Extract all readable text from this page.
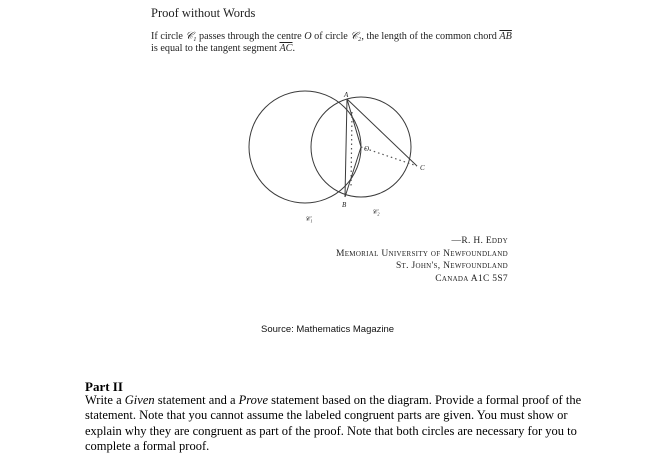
Proof without Words
If circle 𝒞₁ passes through the centre O of circle 𝒞₂, the length of the common chord $\overline{AB}$ is equal to the tangent segment $\overline{AC}$.
A
B
C
O
𝒞₁
𝒞₂
—R. H. Eddy
Memorial University of Newfoundland
St. John's, Newfoundland
Canada A1C 5S7
Source: Mathematics Magazine
Part II
Write a Given statement and a Prove statement based on the diagram. Provide a formal proof of the statement. Note that you cannot assume the labeled congruent parts are given. You must show or explain why they are congruent as part of the proof. Note that both circles are necessary for you to complete a formal proof.
